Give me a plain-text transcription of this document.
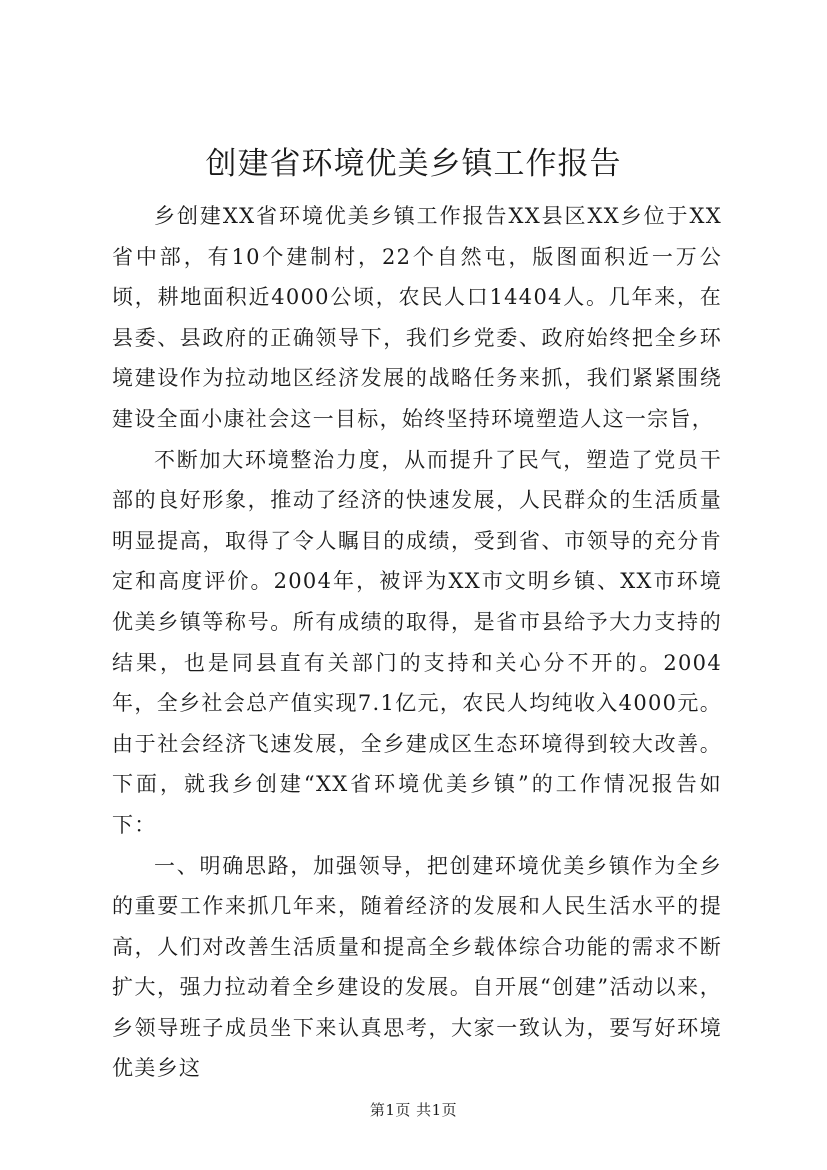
创建省环境优美乡镇工作报告

乡创建XX省环境优美乡镇工作报告XX县区XX乡位于XX省中部，有10个建制村，22个自然屯，版图面积近一万公顷，耕地面积近4000公顷，农民人口14404人。几年来，在县委、县政府的正确领导下，我们乡党委、政府始终把全乡环境建设作为拉动地区经济发展的战略任务来抓，我们紧紧围绕建设全面小康社会这一目标，始终坚持环境塑造人这一宗旨，

不断加大环境整治力度，从而提升了民气，塑造了党员干部的良好形象，推动了经济的快速发展，人民群众的生活质量明显提高，取得了令人瞩目的成绩，受到省、市领导的充分肯定和高度评价。2004年，被评为XX市文明乡镇、XX市环境优美乡镇等称号。所有成绩的取得，是省市县给予大力支持的结果，也是同县直有关部门的支持和关心分不开的。2004年，全乡社会总产值实现7.1亿元，农民人均纯收入4000元。由于社会经济飞速发展，全乡建成区生态环境得到较大改善。下面，就我乡创建“XX省环境优美乡镇”的工作情况报告如下：

一、明确思路，加强领导，把创建环境优美乡镇作为全乡的重要工作来抓几年来，随着经济的发展和人民生活水平的提高，人们对改善生活质量和提高全乡载体综合功能的需求不断扩大，强力拉动着全乡建设的发展。自开展“创建”活动以来，乡领导班子成员坐下来认真思考，大家一致认为，要写好环境优美乡这

第1页 共1页
